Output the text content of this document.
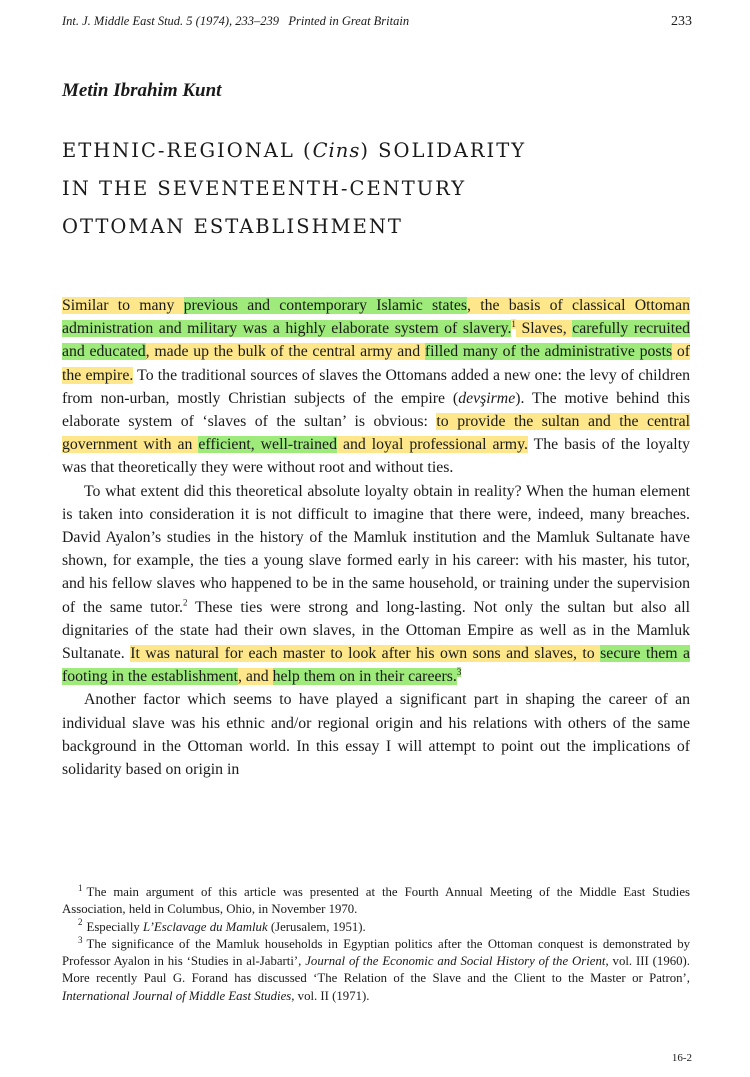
Int. J. Middle East Stud. 5 (1974), 233–239 Printed in Great Britain	233
Metin Ibrahim Kunt
ETHNIC-REGIONAL (Cins) SOLIDARITY
IN THE SEVENTEENTH-CENTURY
OTTOMAN ESTABLISHMENT

Similar to many previous and contemporary Islamic states, the basis of classical Ottoman administration and military was a highly elaborate system of slavery.$^1$ Slaves, carefully recruited and educated, made up the bulk of the central army and filled many of the administrative posts of the empire. To the traditional sources of slaves the Ottomans added a new one: the levy of children from non-urban, mostly Christian subjects of the empire (devşirme). The motive behind this elaborate system of ‘slaves of the sultan’ is obvious: to provide the sultan and the central government with an efficient, well-trained and loyal professional army. The basis of the loyalty was that theoretically they were without root and without ties.

To what extent did this theoretical absolute loyalty obtain in reality? When the human element is taken into consideration it is not difficult to imagine that there were, indeed, many breaches. David Ayalon’s studies in the history of the Mamluk institution and the Mamluk Sultanate have shown, for example, the ties a young slave formed early in his career: with his master, his tutor, and his fellow slaves who happened to be in the same household, or training under the supervision of the same tutor.$^2$ These ties were strong and long-lasting. Not only the sultan but also all dignitaries of the state had their own slaves, in the Ottoman Empire as well as in the Mamluk Sultanate. It was natural for each master to look after his own sons and slaves, to secure them a footing in the establishment, and help them on in their careers.$^3$

Another factor which seems to have played a significant part in shaping the career of an individual slave was his ethnic and/or regional origin and his relations with others of the same background in the Ottoman world. In this essay I will attempt to point out the implications of solidarity based on origin in

$^1$ The main argument of this article was presented at the Fourth Annual Meeting of the Middle East Studies Association, held in Columbus, Ohio, in November 1970.

$^2$ Especially L’Esclavage du Mamluk (Jerusalem, 1951).

$^3$ The significance of the Mamluk households in Egyptian politics after the Ottoman conquest is demonstrated by Professor Ayalon in his ‘Studies in al-Jabarti’, Journal of the Economic and Social History of the Orient, vol. III (1960). More recently Paul G. Forand has discussed ‘The Relation of the Slave and the Client to the Master or Patron’, International Journal of Middle East Studies, vol. II (1971).

16-2
